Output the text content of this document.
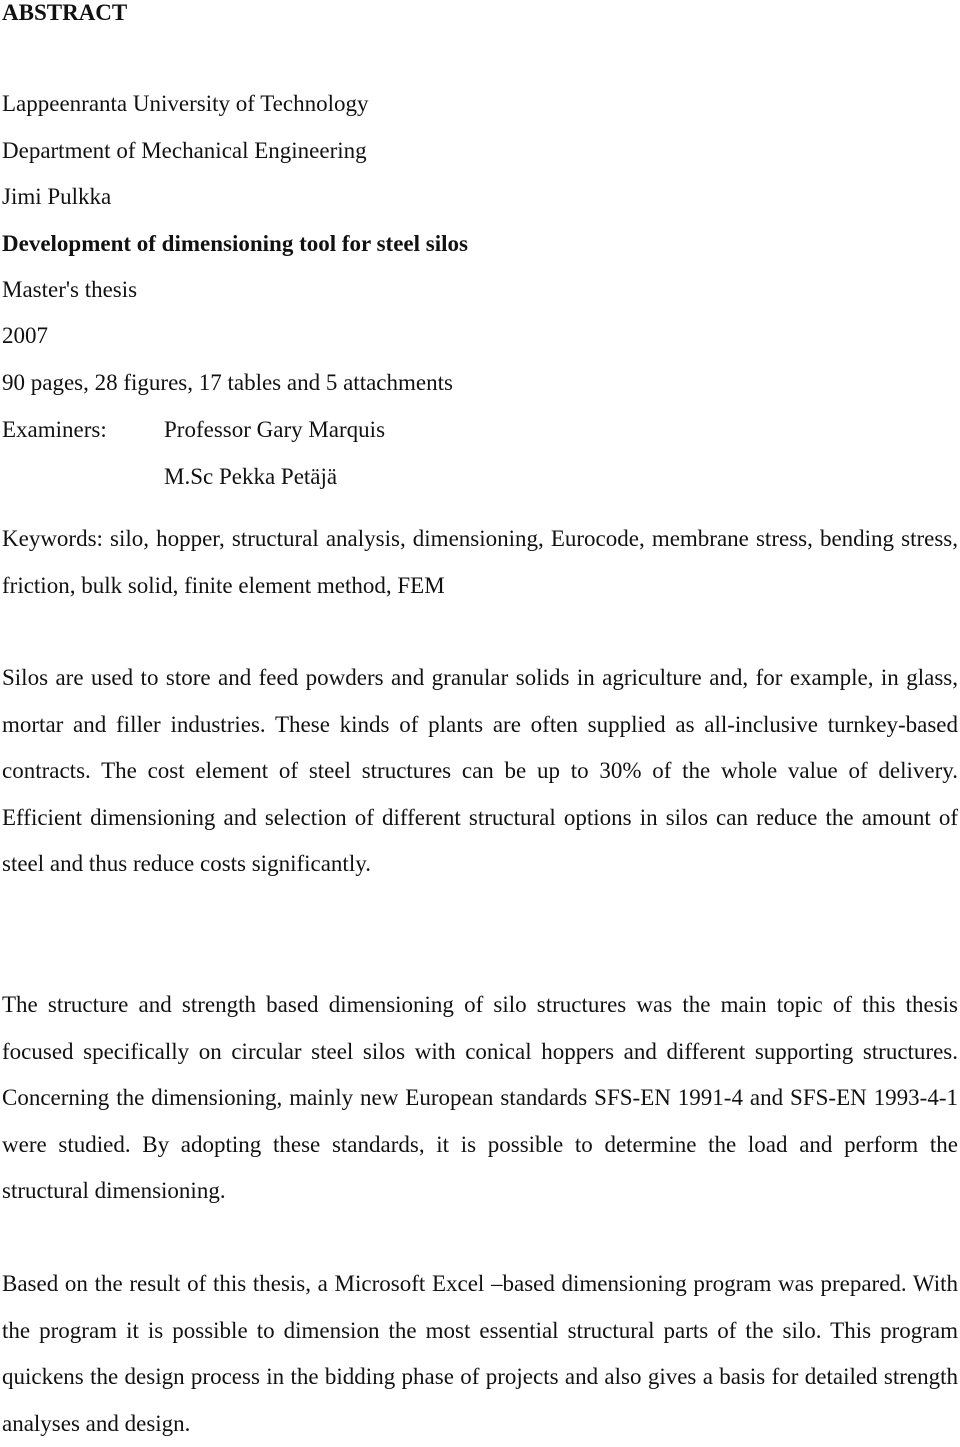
ABSTRACT

Lappeenranta University of Technology

Department of Mechanical Engineering

Jimi Pulkka

Development of dimensioning tool for steel silos

Master's thesis

2007

90 pages, 28 figures, 17 tables and 5 attachments

Examiners: Professor Gary Marquis

M.Sc Pekka Petäjä

Keywords: silo, hopper, structural analysis, dimensioning, Eurocode, membrane stress, bending stress, friction, bulk solid, finite element method, FEM

Silos are used to store and feed powders and granular solids in agriculture and, for example, in glass, mortar and filler industries. These kinds of plants are often supplied as all-inclusive turnkey-based contracts. The cost element of steel structures can be up to 30% of the whole value of delivery. Efficient dimensioning and selection of different structural options in silos can reduce the amount of steel and thus reduce costs significantly.

The structure and strength based dimensioning of silo structures was the main topic of this thesis focused specifically on circular steel silos with conical hoppers and different supporting structures. Concerning the dimensioning, mainly new European standards SFS-EN 1991-4 and SFS-EN 1993-4-1 were studied. By adopting these standards, it is possible to determine the load and perform the structural dimensioning.

Based on the result of this thesis, a Microsoft Excel –based dimensioning program was prepared. With the program it is possible to dimension the most essential structural parts of the silo. This program quickens the design process in the bidding phase of projects and also gives a basis for detailed strength analyses and design.
